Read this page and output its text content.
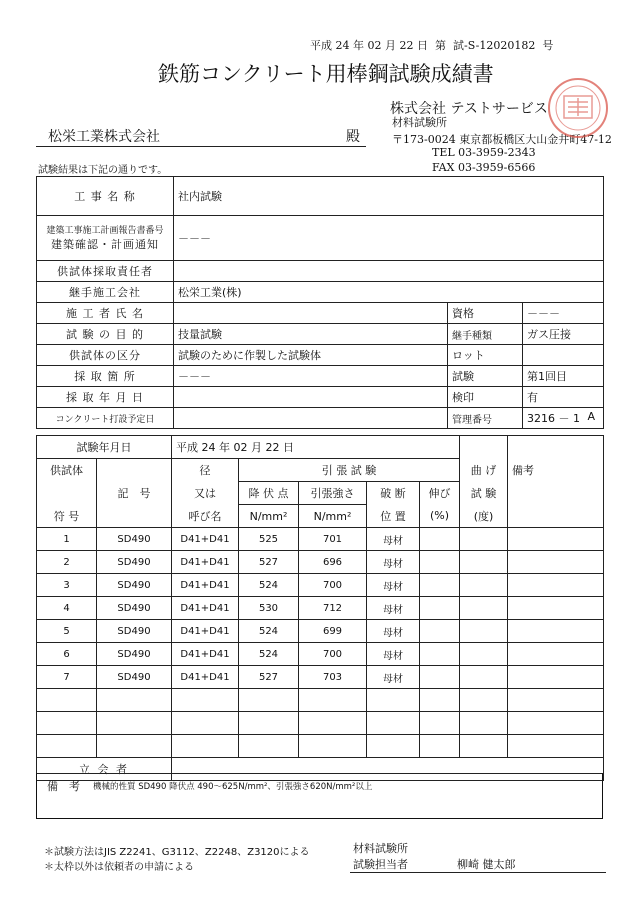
平成 24 年 02 月 22 日 第 試-S-12020182 号
鉄筋コンクリート用棒鋼試験成績書
株式会社 テストサービス
材料試験所
〒173-0024 東京都板橋区大山金井町47-12
TEL 03-3959-2343
FAX 03-3959-6566
松栄工業株式会社	殿
試験結果は下記の通りです。
工 事 名 称	社内試験		

建築工事施工計画報告書番号
建築確認・計画通知	－－－		
供試体採取責任者			
継手施工会社	松栄工業(株)		
施 工 者 氏 名		資格	－－－
試 験 の 目 的	技量試験	継手種類	ガス圧接
供試体の区分	試験のために作製した試験体	ロット	
採 取 箇 所	－－－	試験	第1回目
採 取 年 月 日		検印	有
コンクリート打設予定日		管理番号	3216 － 1 A
試験年月日		平成 24 年 02 月 22 日						
供試体		径	引 張 試 験				曲 げ	備考
	記　号	又は	降 伏 点	引張強さ	破 断	伸び	試 験	
符 号		呼び名	N/mm²	N/mm²	位 置	(%)	(度)	
1	SD490	D41+D41	525	701	母材			
2	SD490	D41+D41	527	696	母材			
3	SD490	D41+D41	524	700	母材			
4	SD490	D41+D41	530	712	母材			
5	SD490	D41+D41	524	699	母材			
6	SD490	D41+D41	524	700	母材			
7	SD490	D41+D41	527	703	母材			

立 会 者								
備　考 機械的性質 SD490 降伏点 490～625N/mm²、引張強さ620N/mm²以上
＊試験方法はJIS Z2241、G3112、Z2248、Z3120による
＊太枠以外は依頼者の申請による
材料試験所
試験担当者	柳崎 健太郎
